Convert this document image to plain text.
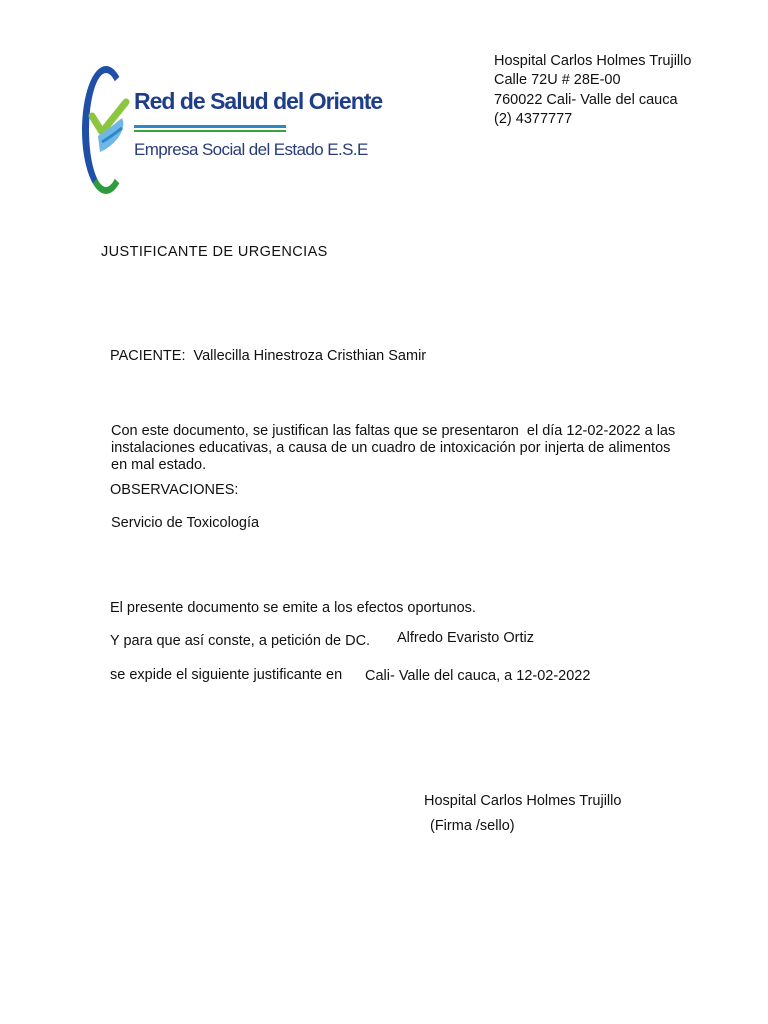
Red de Salud del Oriente
Empresa Social del Estado E.S.E
Hospital Carlos Holmes Trujillo
Calle 72U # 28E-00
760022 Cali- Valle del cauca
(2) 4377777
JUSTIFICANTE DE URGENCIAS
PACIENTE: Vallecilla Hinestroza Cristhian Samir
Con este documento, se justifican las faltas que se presentaron  el día 12-02-2022 a las
instalaciones educativas, a causa de un cuadro de intoxicación por injerta de alimentos
en mal estado.
OBSERVACIONES:
Servicio de Toxicología
El presente documento se emite a los efectos oportunos.
Y para que así conste, a petición de DC. Alfredo Evaristo Ortiz
se expide el siguiente justificante en Cali- Valle del cauca, a 12-02-2022
Hospital Carlos Holmes Trujillo
(Firma /sello)
